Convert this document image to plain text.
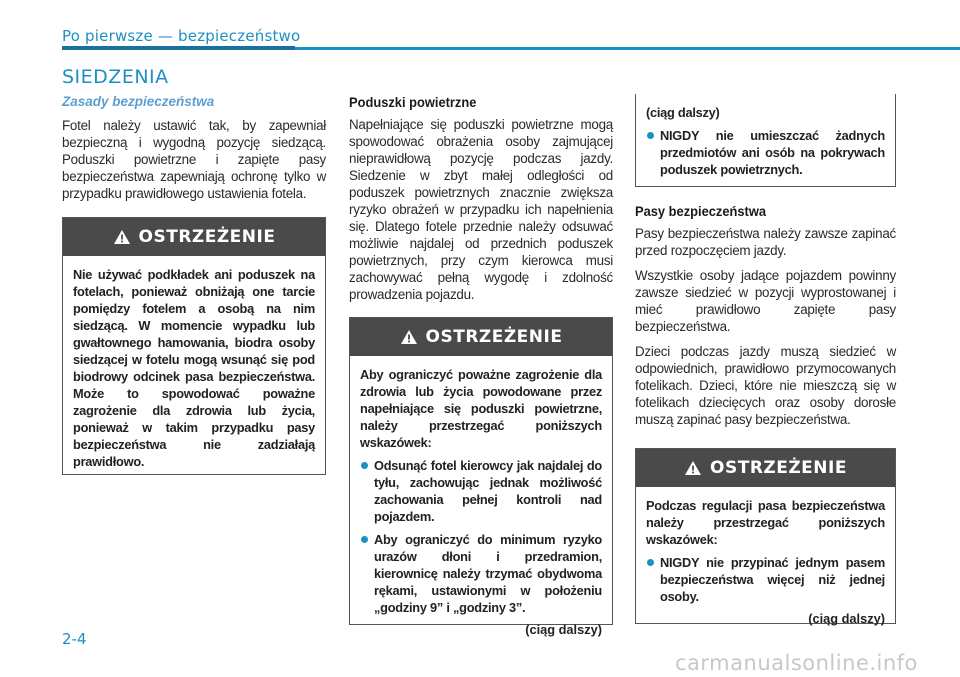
Po pierwsze — bezpieczeństwo
SIEDZENIA
Zasady bezpieczeństwa

Fotel należy ustawić tak, by zapewniał bezpieczną i wygodną pozycję siedzącą. Poduszki powietrzne i zapięte pasy bezpieczeństwa zapewniają ochronę tylko w przypadku prawidłowego ustawienia fotela.

OSTRZEŻENIE

Nie używać podkładek ani poduszek na fotelach, ponieważ obniżają one tarcie pomiędzy fotelem a osobą na nim siedzącą. W momencie wypadku lub gwałtownego hamowania, biodra osoby siedzącej w fotelu mogą wsunąć się pod biodrowy odcinek pasa bezpieczeństwa. Może to spowodować poważne zagrożenie dla zdrowia lub życia, ponieważ w takim przypadku pasy bezpieczeństwa nie zadziałają prawidłowo.

Poduszki powietrzne

Napełniające się poduszki powietrzne mogą spowodować obrażenia osoby zajmującej nieprawidłową pozycję podczas jazdy. Siedzenie w zbyt małej odległości od poduszek powietrznych znacznie zwiększa ryzyko obrażeń w przypadku ich napełnienia się. Dlatego fotele przednie należy odsuwać możliwie najdalej od przednich poduszek powietrznych, przy czym kierowca musi zachowywać pełną wygodę i zdolność prowadzenia pojazdu.

OSTRZEŻENIE

Aby ograniczyć poważne zagrożenie dla zdrowia lub życia powodowane przez napełniające się poduszki powietrzne, należy przestrzegać poniższych wskazówek:

Odsunąć fotel kierowcy jak najdalej do tyłu, zachowując jednak możliwość zachowania pełnej kontroli nad pojazdem.
Aby ograniczyć do minimum ryzyko urazów dłoni i przedramion, kierownicę należy trzymać obydwoma rękami, ustawionymi w położeniu „godziny 9” i „godziny 3”.
(ciąg dalszy)

(ciąg dalszy)

NIGDY nie umieszczać żadnych przedmiotów ani osób na pokrywach poduszek powietrznych.
Pasy bezpieczeństwa

Pasy bezpieczeństwa należy zawsze zapinać przed rozpoczęciem jazdy.

Wszystkie osoby jadące pojazdem powinny zawsze siedzieć w pozycji wyprostowanej i mieć prawidłowo zapięte pasy bezpieczeństwa.

Dzieci podczas jazdy muszą siedzieć w odpowiednich, prawidłowo przymocowanych fotelikach. Dzieci, które nie mieszczą się w fotelikach dziecięcych oraz osoby dorosłe muszą zapinać pasy bezpieczeństwa.

OSTRZEŻENIE

Podczas regulacji pasa bezpieczeństwa należy przestrzegać poniższych wskazówek:

NIGDY nie przypinać jednym pasem bezpieczeństwa więcej niż jednej osoby.
(ciąg dalszy)
2-4
carmanualsonline.info
